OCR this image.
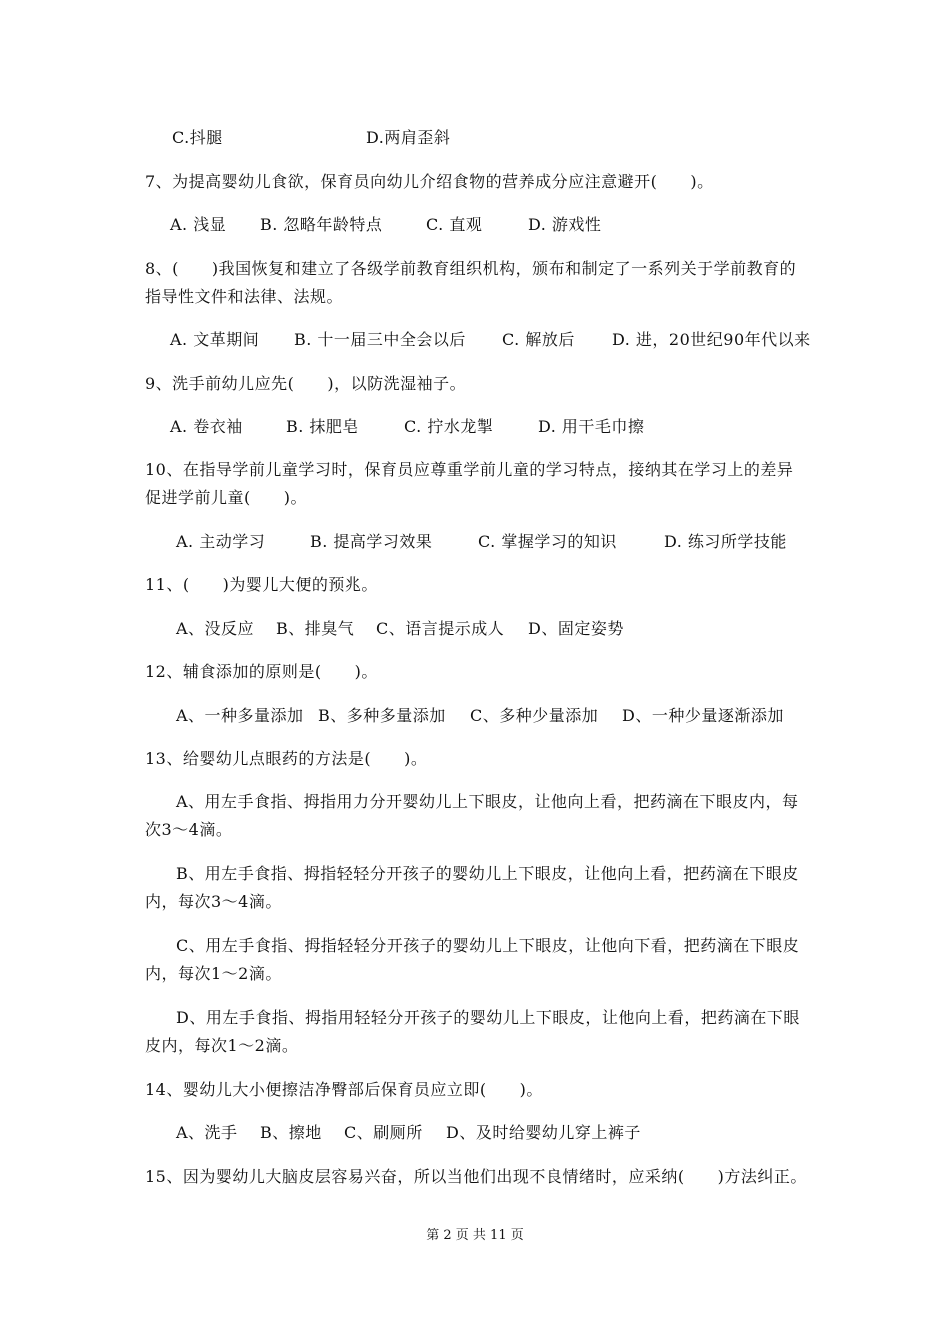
C.抖腿	D.两肩歪斜
7、为提高婴幼儿食欲，保育员向幼儿介绍食物的营养成分应注意避开(　　)。
A. 浅显 B. 忽略年龄特点	C. 直观	D. 游戏性
8、(　　)我国恢复和建立了各级学前教育组织机构，颁布和制定了一系列关于学前教育的
指导性文件和法律、法规。
A. 文革期间 B. 十一届三中全会以后 C. 解放后 D. 进，20世纪90年代以来
9、洗手前幼儿应先(　　)，以防洗湿袖子。
A. 卷衣袖	B. 抹肥皂	C. 拧水龙掣	D. 用干毛巾擦
10、在指导学前儿童学习时，保育员应尊重学前儿童的学习特点，接纳其在学习上的差异
促进学前儿童(　　)。
A. 主动学习	B. 提高学习效果	C. 掌握学习的知识	D. 练习所学技能
11、(　　)为婴儿大便的预兆。
A、没反应 B、排臭气 C、语言提示成人 D、固定姿势
12、辅食添加的原则是(　　)。
A、一种多量添加 B、多种多量添加 C、多种少量添加 D、一种少量逐渐添加
13、给婴幼儿点眼药的方法是(　　)。
A、用左手食指、拇指用力分开婴幼儿上下眼皮，让他向上看，把药滴在下眼皮内，每
次3～4滴。
B、用左手食指、拇指轻轻分开孩子的婴幼儿上下眼皮，让他向上看，把药滴在下眼皮
内，每次3～4滴。
C、用左手食指、拇指轻轻分开孩子的婴幼儿上下眼皮，让他向下看，把药滴在下眼皮
内，每次1～2滴。
D、用左手食指、拇指用轻轻分开孩子的婴幼儿上下眼皮，让他向上看，把药滴在下眼
皮内，每次1～2滴。
14、婴幼儿大小便擦洁净臀部后保育员应立即(　　)。
A、洗手 B、擦地 C、刷厕所 D、及时给婴幼儿穿上裤子
15、因为婴幼儿大脑皮层容易兴奋，所以当他们出现不良情绪时，应采纳(　　)方法纠正。
第 2 页 共 11 页
